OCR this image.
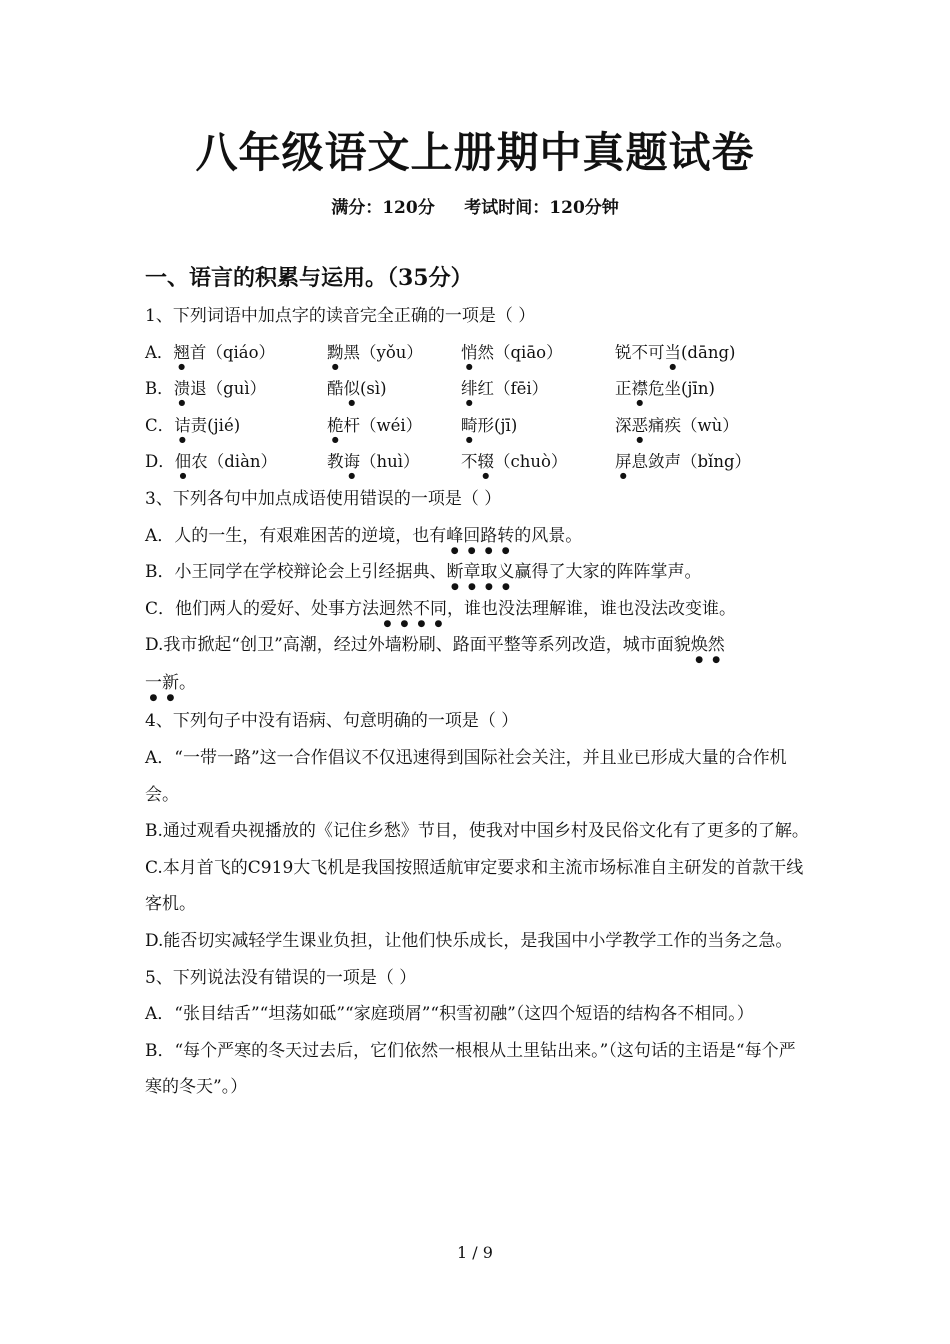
八年级语文上册期中真题试卷
满分：120分     考试时间：120分钟
一、语言的积累与运用。（35分）
1、下列词语中加点字的读音完全正确的一项是（ ）
A．翘首（qiáo）	黝黑（yǒu）	悄然（qiāo）	锐不可当(dāng)
B．溃退（guì）	酷似(sì)	绯红（fēi）	正襟危坐(jīn)
C．诘责(jié)	桅杆（wéi）	畸形(jī)	深恶痛疾（wù）
D．佃农（diàn）	教诲（huì）	不辍（chuò）	屏息敛声（bǐng）
3、下列各句中加点成语使用错误的一项是（ ）
A．人的一生，有艰难困苦的逆境，也有峰回路转的风景。
B．小王同学在学校辩论会上引经据典、断章取义赢得了大家的阵阵掌声。
C．他们两人的爱好、处事方法迥然不同，谁也没法理解谁，谁也没法改变谁。
D.我市掀起“创卫”高潮，经过外墙粉刷、路面平整等系列改造，城市面貌焕然
一新。
4、下列句子中没有语病、句意明确的一项是（ ）
A．“一带一路”这一合作倡议不仅迅速得到国际社会关注，并且业已形成大量的合作机会。
B.通过观看央视播放的《记住乡愁》节目，使我对中国乡村及民俗文化有了更多的了解。
C.本月首飞的C919大飞机是我国按照适航审定要求和主流市场标准自主研发的首款干线客机。
D.能否切实减轻学生课业负担，让他们快乐成长，是我国中小学教学工作的当务之急。
5、下列说法没有错误的一项是（ ）
A．“张目结舌”“坦荡如砥”“家庭琐屑”“积雪初融”（这四个短语的结构各不相同。）
B．“每个严寒的冬天过去后，它们依然一根根从土里钻出来。”（这句话的主语是“每个严寒的冬天”。）
1 / 9
